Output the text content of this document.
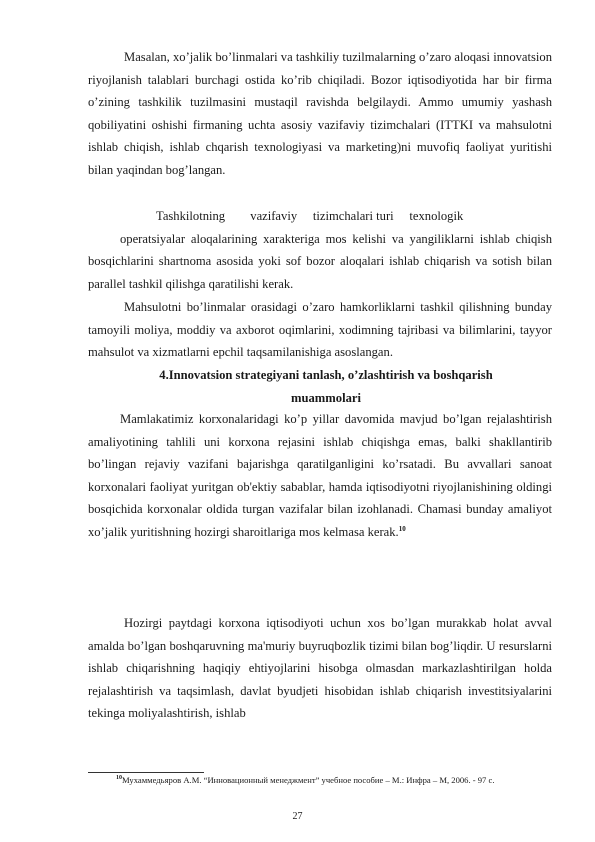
Masalan, xo’jalik bo’linmalari va tashkiliy tuzilmalarning o’zaro aloqasi innovatsion riyojlanish talablari burchagi ostida ko’rib chiqiladi. Bozor iqtisodiyotida har bir firma o’zining tashkilik tuzilmasini mustaqil ravishda belgilaydi. Ammo umumiy yashash qobiliyatini oshishi firmaning uchta asosiy vazifaviy tizimchalari (ITTKI va mahsulotni ishlab chiqish, ishlab chqarish texnologiyasi va marketing)ni muvofiq faoliyat yuritishi bilan yaqindan bog’langan.

Tashkilotning        vazifaviy     tizimchalari turi     texnologik
operatsiyalar aloqalarining xarakteriga mos kelishi va yangiliklarni ishlab chiqish bosqichlarini shartnoma asosida yoki sof bozor aloqalari ishlab chiqarish va sotish bilan parallel tashkil qilishga qaratilishi kerak.

Mahsulotni bo’linmalar orasidagi o’zaro hamkorliklarni tashkil qilishning bunday tamoyili moliya, moddiy va axborot oqimlarini, xodimning tajribasi va bilimlarini, tayyor mahsulot va xizmatlarni epchil taqsamilanishiga asoslangan.

4.Innovatsion strategiyani tanlash, o’zlashtirish va boshqarish
muammolari

Mamlakatimiz korxonalaridagi ko’p yillar davomida mavjud bo’lgan rejalashtirish amaliyotining tahlili uni korxona rejasini ishlab chiqishga emas, balki shakllantirib bo’lingan rejaviy vazifani bajarishga qaratilganligini ko’rsatadi. Bu avvallari sanoat korxonalari faoliyat yuritgan ob'ektiy sabablar, hamda iqtisodiyotni riyojlanishining oldingi bosqichida korxonalar oldida turgan vazifalar bilan izohlanadi. Chamasi bunday amaliyot xo’jalik yuritishning hozirgi sharoitlariga mos kelmasa kerak.$^{10}$

Hozirgi paytdagi korxona iqtisodiyoti uchun xos bo’lgan murakkab holat avval amalda bo’lgan boshqaruvning ma'muriy buyruqbozlik tizimi bilan bog’liqdir. U resurslarni ishlab chiqarishning haqiqiy ehtiyojlarini hisobga olmasdan markazlashtirilgan holda rejalashtirish va taqsimlash, davlat byudjeti hisobidan ishlab chiqarish investitsiyalarini tekinga moliyalashtirish, ishlab

$^{10}$Мухаммедьяров А.М. “Инновационный менеджмент” учебное пособие – М.: Инфра – М, 2006. - 97 с.
27
